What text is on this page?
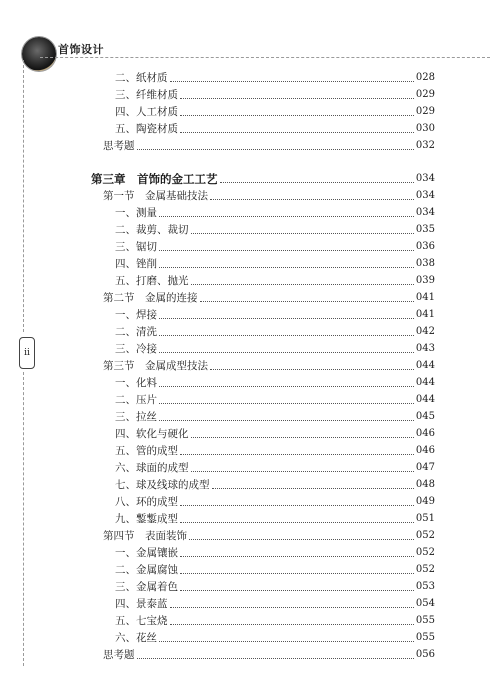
首饰设计
ii
二、纸材质	028
三、纤维材质	029
四、人工材质	029
五、陶瓷材质	030
思考题	032
第三章　首饰的金工工艺	034
第一节　金属基础技法	034
一、测量	034
二、裁剪、裁切	035
三、锯切	036
四、锉削	038
五、打磨、抛光	039
第二节　金属的连接	041
一、焊接	041
二、清洗	042
三、冷接	043
第三节　金属成型技法	044
一、化料	044
二、压片	044
三、拉丝	045
四、软化与硬化	046
五、管的成型	046
六、球面的成型	047
七、球及线球的成型	048
八、环的成型	049
九、鏨鏨成型	051
第四节　表面装饰	052
一、金属镶嵌	052
二、金属腐蚀	052
三、金属着色	053
四、景泰蓝	054
五、七宝烧	055
六、花丝	055
思考题	056
